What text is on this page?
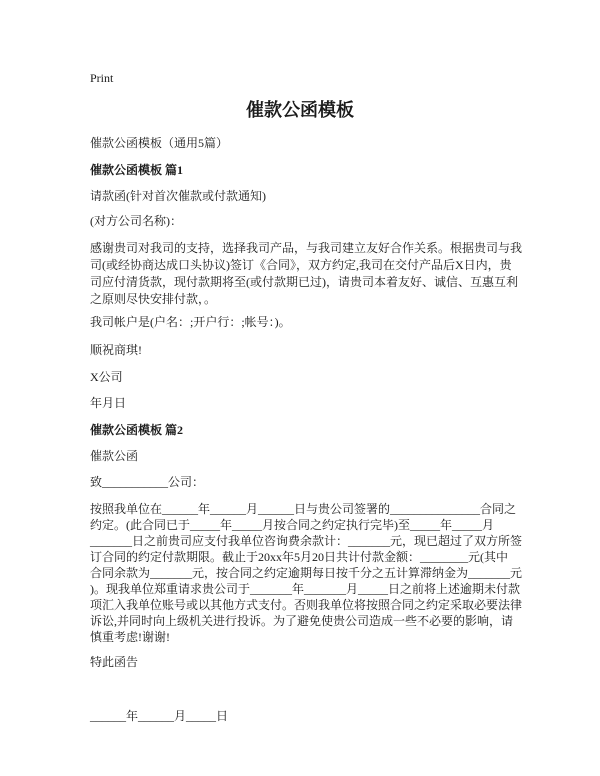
Print
催款公函模板
催款公函模板（通用5篇）
催款公函模板 篇1
请款函(针对首次催款或付款通知)
(对方公司名称)：
感谢贵司对我司的支持，选择我司产品，与我司建立友好合作关系。根据贵司与我
司(或经协商达成口头协议)签订《合同》，双方约定,我司在交付产品后X日内，贵
司应付清货款，现付款期将至(或付款期已过)，请贵司本着友好、诚信、互惠互利
之原则尽快安排付款，。
我司帐户是(户名：;开户行：;帐号：)。
顺祝商琪!
X公司
年月日
催款公函模板 篇2
催款公函
致___________公司：
按照我单位在______年______月______日与贵公司签署的_______________合同之
约定。(此合同已于_____年_____月按合同之约定执行完毕)至_____年_____月
_______日之前贵司应支付我单位咨询费余款计：_______元，现已超过了双方所签
订合同的约定付款期限。截止于20xx年5月20日共计付款金额：________元(其中
合同余款为_______元，按合同之约定逾期每日按千分之五计算滞纳金为_______元
)。现我单位郑重请求贵公司于_______年_______月_____日之前将上述逾期未付款
项汇入我单位账号或以其他方式支付。否则我单位将按照合同之约定采取必要法律
诉讼,并同时向上级机关进行投诉。为了避免使贵公司造成一些不必要的影响，请
慎重考虑!谢谢!
特此函告
______年______月_____日
